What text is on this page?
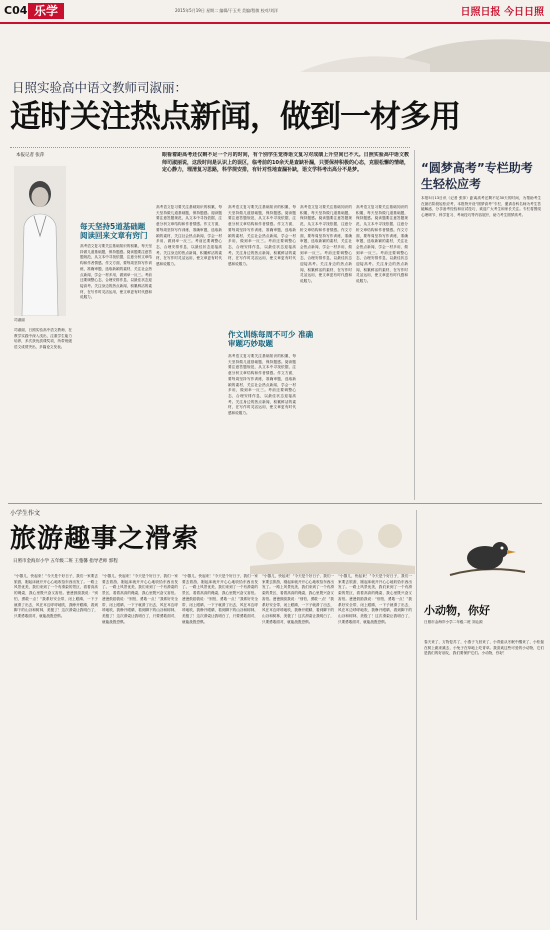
C04 乐学	2015年5月19日 星期二 编辑/于玉芙 美编/程敏 校对/刘洋	日照日报 今日日照
日照实验高中语文教师司淑丽：
适时关注热点新闻，做到一材多用
本报记者 张萍	眼看着距高考还仅剩不足一个月的时间，有个别学生觉得语文复习对成绩上升空间已不大。日照实验高中语文教师司淑丽说，这段时间是认识上的误区，临考前的10余天是查缺补漏，只要保持积极的心态，克服松懈的情绪，定心静力，理清复习思路，科学规安排，有针对性地查漏补缺，语文学科考出高分不是梦。
司淑丽
司淑丽，日照实验高中语文教师，在教学实践中深入浅出，注重学生能力培养，多次获优质课奖项，所带班级语文成绩突出，多篇论文发表。
每天坚持5道基础题 阅读回来文章有窍门
作文训练每周不可少 准确审题巧妙取题
高考语文复习要关注基础知识的积累，每天坚持做几道基础题，保持题感。阅读题要注意答题规范，从文本中寻找依据，注意分析文章结构和作者情感。作文方面，要每周坚持写作训练，准确审题，选取新颖的素材，关注社会热点新闻，学会一材多用，做到举一反三。考前还要调整心态，合理安排作息，以最佳状态迎接高考。关注身边的热点新闻，积累鲜活的素材，在写作时灵活运用，使文章更有时代感和说服力。
高考语文复习要关注基础知识的积累，每天坚持做几道基础题，保持题感。阅读题要注意答题规范，从文本中寻找依据，注意分析文章结构和作者情感。作文方面，要每周坚持写作训练，准确审题，选取新颖的素材，关注社会热点新闻，学会一材多用，做到举一反三。考前还要调整心态，合理安排作息，以最佳状态迎接高考。关注身边的热点新闻，积累鲜活的素材，在写作时灵活运用，使文章更有时代感和说服力。
高考语文复习要关注基础知识的积累，每天坚持做几道基础题，保持题感。阅读题要注意答题规范，从文本中寻找依据，注意分析文章结构和作者情感。作文方面，要每周坚持写作训练，准确审题，选取新颖的素材，关注社会热点新闻，学会一材多用，做到举一反三。考前还要调整心态，合理安排作息，以最佳状态迎接高考。关注身边的热点新闻，积累鲜活的素材，在写作时灵活运用，使文章更有时代感和说服力。
高考语文复习要关注基础知识的积累，每天坚持做几道基础题，保持题感。阅读题要注意答题规范，从文本中寻找依据，注意分析文章结构和作者情感。作文方面，要每周坚持写作训练，准确审题，选取新颖的素材，关注社会热点新闻，学会一材多用，做到举一反三。考前还要调整心态，合理安排作息，以最佳状态迎接高考。关注身边的热点新闻，积累鲜活的素材，在写作时灵活运用，使文章更有时代感和说服力。
高考语文复习要关注基础知识的积累，每天坚持做几道基础题，保持题感。阅读题要注意答题规范，从文本中寻找依据，注意分析文章结构和作者情感。作文方面，要每周坚持写作训练，准确审题，选取新颖的素材，关注社会热点新闻，学会一材多用，做到举一反三。考前还要调整心态，合理安排作息，以最佳状态迎接高考。关注身边的热点新闻，积累鲜活的素材，在写作时灵活运用，使文章更有时代感和说服力。
高考语文复习要关注基础知识的积累，每天坚持做几道基础题，保持题感。阅读题要注意答题规范，从文本中寻找依据，注意分析文章结构和作者情感。作文方面，要每周坚持写作训练，准确审题，选取新颖的素材，关注社会热点新闻，学会一材多用，做到举一反三。考前还要调整心态，合理安排作息，以最佳状态迎接高考。关注身边的热点新闻，积累鲜活的素材，在写作时灵活运用，使文章更有时代感和说服力。
“圆梦高考”专栏助考生轻松应考
本报5月13日讯（记者 张萍）距离高考还剩不足30天的时间，为帮助考生在最后阶段轻松应考，本报特开设“圆梦高考”专栏，邀请各科名师为考生答疑解惑，分享备考经验和应试技巧，欢迎广大考生和家长关注。专栏将围绕心理调节、科学复习、考场技巧等内容展开，助力考生圆梦高考。
小学生作文
旅游趣事之滑索
日照市金海岸小学 五年级二班 王蓥馨 指导老师 郭程
“小馨儿，快起来！”今天是个好日子，我们一家要去旅游，刚起床就开开心心地收拾东西出发了。一路上风景优美，我们来到了一个有滑索的景区，看着高高的绳索，我心里既兴奋又害怕。爸爸鼓励我说：“别怕，勇敢一点！”我系好安全带，闭上眼睛，一下子就滑了出去，风在耳边呼呼地吹，我睁开眼睛，看到脚下的山谷和树林，美极了！这次滑索让我明白了，只要勇敢面对，就能战胜恐惧。
“小馨儿，快起来！”今天是个好日子，我们一家要去旅游，刚起床就开开心心地收拾东西出发了。一路上风景优美，我们来到了一个有滑索的景区，看着高高的绳索，我心里既兴奋又害怕。爸爸鼓励我说：“别怕，勇敢一点！”我系好安全带，闭上眼睛，一下子就滑了出去，风在耳边呼呼地吹，我睁开眼睛，看到脚下的山谷和树林，美极了！这次滑索让我明白了，只要勇敢面对，就能战胜恐惧。
“小馨儿，快起来！”今天是个好日子，我们一家要去旅游，刚起床就开开心心地收拾东西出发了。一路上风景优美，我们来到了一个有滑索的景区，看着高高的绳索，我心里既兴奋又害怕。爸爸鼓励我说：“别怕，勇敢一点！”我系好安全带，闭上眼睛，一下子就滑了出去，风在耳边呼呼地吹，我睁开眼睛，看到脚下的山谷和树林，美极了！这次滑索让我明白了，只要勇敢面对，就能战胜恐惧。
“小馨儿，快起来！”今天是个好日子，我们一家要去旅游，刚起床就开开心心地收拾东西出发了。一路上风景优美，我们来到了一个有滑索的景区，看着高高的绳索，我心里既兴奋又害怕。爸爸鼓励我说：“别怕，勇敢一点！”我系好安全带，闭上眼睛，一下子就滑了出去，风在耳边呼呼地吹，我睁开眼睛，看到脚下的山谷和树林，美极了！这次滑索让我明白了，只要勇敢面对，就能战胜恐惧。
“小馨儿，快起来！”今天是个好日子，我们一家要去旅游，刚起床就开开心心地收拾东西出发了。一路上风景优美，我们来到了一个有滑索的景区，看着高高的绳索，我心里既兴奋又害怕。爸爸鼓励我说：“别怕，勇敢一点！”我系好安全带，闭上眼睛，一下子就滑了出去，风在耳边呼呼地吹，我睁开眼睛，看到脚下的山谷和树林，美极了！这次滑索让我明白了，只要勇敢面对，就能战胜恐惧。
小动物，你好
日照市金海岸小学二年级二班 刘沁源
春天来了，万物复苏了，小燕子飞回来了，小青蛙从冬眠中醒来了，小松鼠在树上跳来跳去，小兔子在草地上吃青草。我喜欢这些可爱的小动物，它们是我们的好朋友，我们要保护它们。小动物，你好！
